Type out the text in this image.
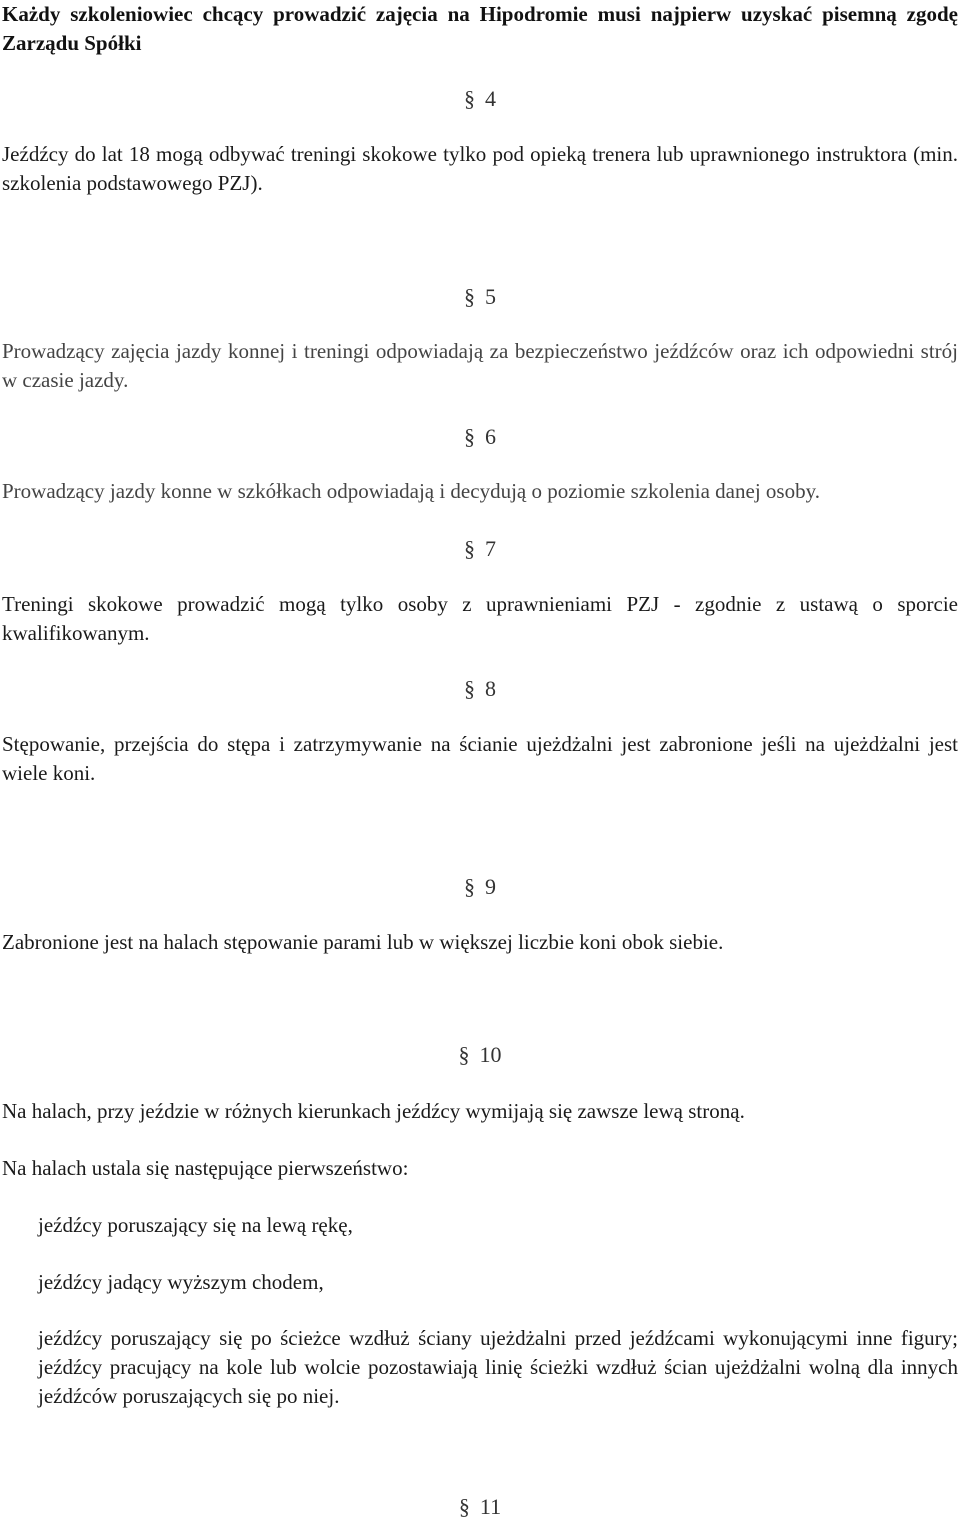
Każdy szkoleniowiec chcący prowadzić zajęcia na Hipodromie musi najpierw uzyskać pisemną zgodę Zarządu Spółki

§ 4

Jeźdźcy do lat 18 mogą odbywać treningi skokowe tylko pod opieką trenera lub uprawnionego instruktora (min. szkolenia podstawowego PZJ).

§ 5

Prowadzący zajęcia jazdy konnej i treningi odpowiadają za bezpieczeństwo jeźdźców oraz ich odpowiedni strój w czasie jazdy.

§ 6

Prowadzący jazdy konne w szkółkach odpowiadają i decydują o poziomie szkolenia danej osoby.

§ 7

Treningi skokowe prowadzić mogą tylko osoby z uprawnieniami PZJ - zgodnie z ustawą o sporcie kwalifikowanym.

§ 8

Stępowanie, przejścia do stępa i zatrzymywanie na ścianie ujeżdżalni jest zabronione jeśli na ujeżdżalni jest wiele koni.

§ 9

Zabronione jest na halach stępowanie parami lub w większej liczbie koni obok siebie.

§ 10

Na halach, przy jeździe w różnych kierunkach jeźdźcy wymijają się zawsze lewą stroną.

Na halach ustala się następujące pierwszeństwo:

jeźdźcy poruszający się na lewą rękę,

jeźdźcy jadący wyższym chodem,

jeźdźcy poruszający się po ścieżce wzdłuż ściany ujeżdżalni przed jeźdźcami wykonującymi inne figury; jeźdźcy pracujący na kole lub wolcie pozostawiają linię ścieżki wzdłuż ścian ujeżdżalni wolną dla innych jeźdźców poruszających się po niej.

§ 11
